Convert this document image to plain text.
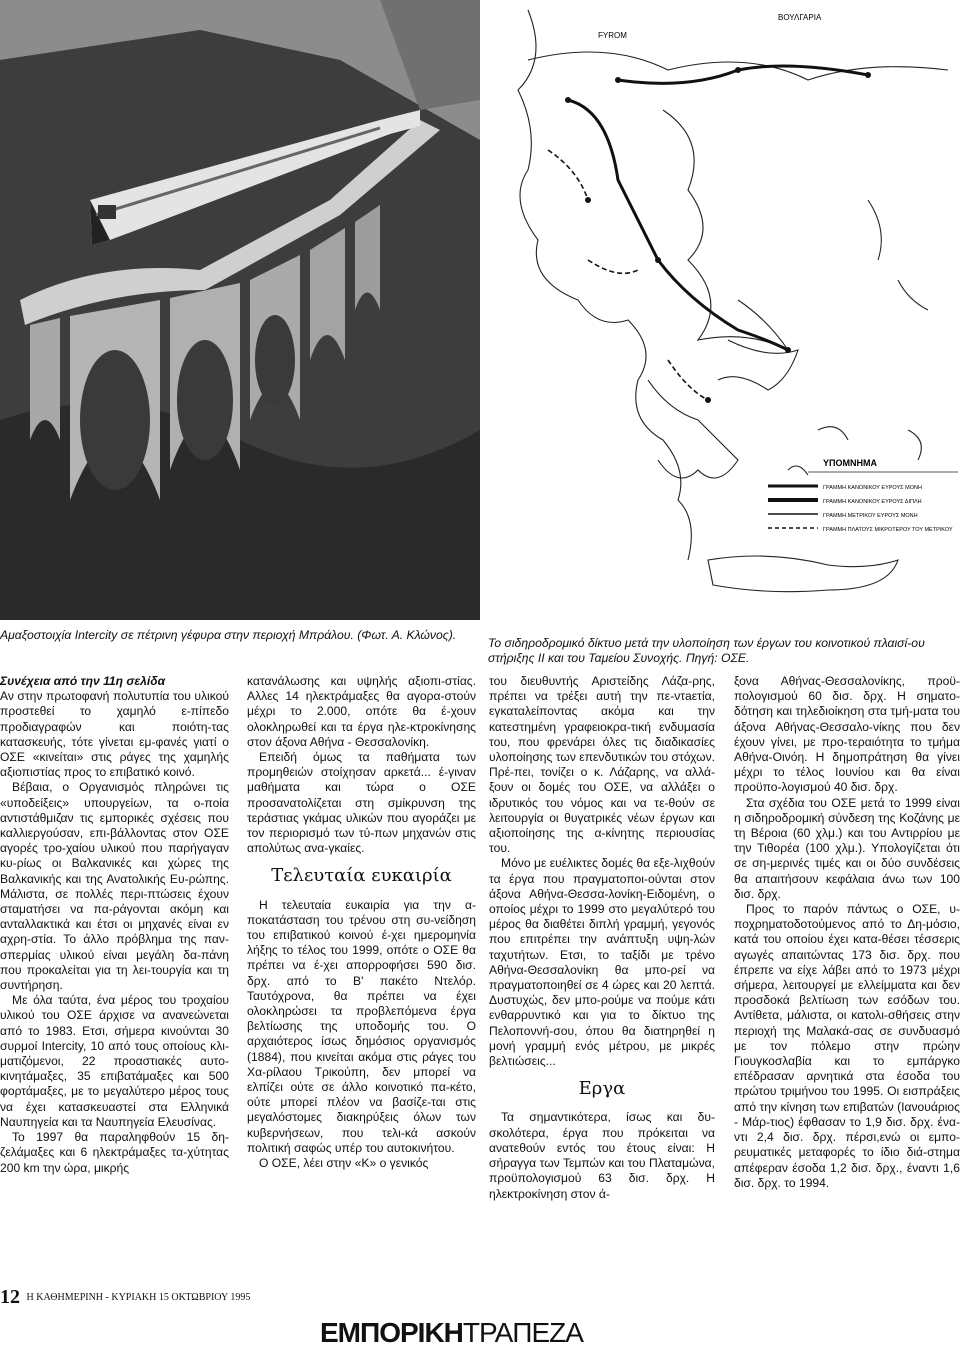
Αμαξοστοιχία Intercity σε πέτρινη γέφυρα στην περιοχή Μπράλου. (Φωτ. Α. Κλώνος).
ΒΟΥΛΓΑΡΙΑ
FYROM
ΥΠΟΜΝΗΜΑ
ΓΡΑΜΜΗ ΚΑΝΟΝΙΚΟΥ ΕΥΡΟΥΣ ΜΟΝΗ
ΓΡΑΜΜΗ ΚΑΝΟΝΙΚΟΥ ΕΥΡΟΥΣ ΔΙΠΛΗ
ΓΡΑΜΜΗ ΜΕΤΡΙΚΟΥ ΕΥΡΟΥΣ ΜΟΝΗ
ΓΡΑΜΜΗ ΠΛΑΤΟΥΣ ΜΙΚΡΟΤΕΡΟΥ ΤΟΥ ΜΕΤΡΙΚΟΥ
Το σιδηροδρομικό δίκτυο μετά την υλοποίηση των έργων του κοινοτικού πλαισί-ου στήριξης ΙΙ και του Ταμείου Συνοχής. Πηγή: ΟΣΕ.

Συνέχεια από την 11η σελίδα

Αν στην πρωτοφανή πολυτυπία του υλικού προστεθεί το χαμηλό ε-πίπεδο προδιαγραφών και ποιότη-τας κατασκευής, τότε γίνεται εμ-φανές γιατί ο ΟΣΕ «κινείται» στις ράγες της χαμηλής αξιοπιστίας προς το επιβατικό κοινό.

Βέβαια, ο Οργανισμός πληρώνει τις «υποδείξεις» υπουργείων, τα ο-ποία αντιστάθμιζαν τις εμπορικές σχέσεις που καλλιεργούσαν, επι-βάλλοντας στον ΟΣΕ αγορές τρο-χαίου υλικού που παρήγαγαν κυ-ρίως οι Βαλκανικές και χώρες της Βαλκανικής και της Ανατολικής Ευ-ρώπης. Μάλιστα, σε πολλές περι-πτώσεις έχουν σταματήσει να πα-ράγονται ακόμη και ανταλλακτικά και έτσι οι μηχανές είναι εν αχρη-στία. Το άλλο πρόβλημα της παν-σπερμίας υλικού είναι μεγάλη δα-πάνη που προκαλείται για τη λει-τουργία και τη συντήρηση.

Με όλα ταύτα, ένα μέρος του τροχαίου υλικού του ΟΣΕ άρχισε να ανανεώνεται από το 1983. Ετσι, σήμερα κινούνται 30 συρμοί Intercity, 10 από τους οποίους κλι-ματιζόμενοι, 22 προαστιακές αυτο-κινητάμαξες, 35 επιβατάμαξες και 500 φορτάμαξες, με το μεγαλύτερο μέρος τους να έχει κατασκευαστεί στα Ελληνικά Ναυπηγεία και τα Ναυπηγεία Ελευσίνας.

Το 1997 θα παραληφθούν 15 δη-ζελάμαξες και 6 ηλεκτράμαξες τα-χύτητας 200 km την ώρα, μικρής

κατανάλωσης και υψηλής αξιοπι-στίας. Αλλες 14 ηλεκτράμαξες θα αγορα-στούν μέχρι το 2.000, οπότε θα έ-χουν ολοκληρωθεί και τα έργα ηλε-κτροκίνησης στον άξονα Αθήνα - Θεσσαλονίκη.

Επειδή όμως τα παθήματα των προμηθειών στοίχησαν αρκετά... έ-γιναν μαθήματα και τώρα ο ΟΣΕ προσανατολίζεται στη σμίκρυνση της τεράστιας γκάμας υλικών που αγοράζει με τον περιορισμό των τύ-πων μηχανών στις απολύτως ανα-γκαίες.

Τελευταία ευκαιρία

Η τελευταία ευκαιρία για την α-ποκατάσταση του τρένου στη συ-νείδηση του επιβατικού κοινού έ-χει ημερομηνία λήξης το τέλος του 1999, οπότε ο ΟΣΕ θα πρέπει να έ-χει απορροφήσει 590 δισ. δρχ. από το Β' πακέτο Ντελόρ. Ταυτόχρονα, θα πρέπει να έχει ολοκληρώσει τα προβλεπόμενα έργα βελτίωσης της υποδομής του. Ο αρχαιότερος ίσως δημόσιος οργανισμός (1884), που κινείται ακόμα στις ράγες του Χα-ρίλαου Τρικούπη, δεν μπορεί να ελπίζει ούτε σε άλλο κοινοτικό πα-κέτο, ούτε μπορεί πλέον να βασίζε-ται στις μεγαλόστομες διακηρύξεις όλων των κυβερνήσεων, που τελι-κά ασκούν πολιτική σαφώς υπέρ του αυτοκινήτου.

Ο ΟΣΕ, λέει στην «Κ» ο γενικός

του διευθυντής Αριστείδης Λάζα-ρης, πρέπει να τρέξει αυτή την πε-ντaετία, εγκαταλείποντας ακόμα και την κατεστημένη γραφειοκρα-τική ενδυμασία του, που φρενάρει όλες τις διαδικασίες υλοποίησης των επενδυτικών του στόχων. Πρέ-πει, τονίζει ο κ. Λάζαρης, να αλλά-ξουν οι δομές του ΟΣΕ, να αλλάξει ο ιδρυτικός του νόμος και να τε-θούν σε λειτουργία οι θυγατρικές νέων έργων και αξιοποίησης της α-κίνητης περιουσίας του.

Μόνο με ευέλικτες δομές θα εξε-λιχθούν τα έργα που πραγματοποι-ούνται στον άξονα Αθήνα-Θεσσα-λονίκη-Ειδομένη, ο οποίος μέχρι το 1999 στο μεγαλύτερό του μέρος θα διαθέτει διπλή γραμμή, γεγονός που επιτρέπει την ανάπτυξη υψη-λών ταχυτήτων. Ετσι, το ταξίδι με τρένο Αθήνα-Θεσσαλονίκη θα μπο-ρεί να πραγματοποιηθεί σε 4 ώρες και 20 λεπτά. Δυστυχώς, δεν μπο-ρούμε να πούμε κάτι ενθαρρυντικό και για το δίκτυο της Πελοποννή-σου, όπου θα διατηρηθεί η μονή γραμμή ενός μέτρου, με μικρές βελτιώσεις...

Εργα

Τα σημαντικότερα, ίσως και δυ-σκολότερα, έργα που πρόκειται να ανατεθούν εντός του έτους είναι: Η σήραγγα των Τεμπών και του Πλαταμώνα, προϋπολογισμού 63 δισ. δρχ. Η ηλεκτροκίνηση στον ά-

ξονα Αθήνας-Θεσσαλονίκης, προϋ-πολογισμού 60 δισ. δρχ. Η σηματο-δότηση και τηλεδιοίκηση στα τμή-ματα του άξονα Αθήνας-Θεσσαλο-νίκης που δεν έχουν γίνει, με προ-τεραιότητα το τμήμα Αθήνα-Οινόη. Η δημοπράτηση θα γίνει μέχρι το τέλος Ιουνίου και θα είναι προϋπο-λογισμού 40 δισ. δρχ.

Στα σχέδια του ΟΣΕ μετά το 1999 είναι η σιδηροδρομική σύνδεση της Κοζάνης με τη Βέροια (60 χλμ.) και του Αντιρρίου με την Τιθορέα (100 χλμ.). Υπολογίζεται ότι σε ση-μερινές τιμές και οι δύο συνδέσεις θα απαιτήσουν κεφάλαια άνω των 100 δισ. δρχ.

Προς το παρόν πάντως ο ΟΣΕ, υ-ποχρηματοδοτούμενος από το Δη-μόσιο, κατά του οποίου έχει κατα-θέσει τέσσερις αγωγές απαιτώντας 173 δισ. δρχ. που έπρεπε να είχε λάβει από το 1973 μέχρι σήμερα, λειτουργεί με ελλείμματα και δεν προσδοκά βελτίωση των εσόδων του. Αντίθετα, μάλιστα, οι κατολι-σθήσεις στην περιοχή της Μαλακά-σας σε συνδυασμό με τον πόλεμο στην πρώην Γιουγκοσλαβία και το εμπάργκο επέδρασαν αρνητικά στα έσοδα του πρώτου τριμήνου του 1995. Οι εισπράξεις από την κίνηση των επιβατών (Ιανουάριος - Μάρ-τιος) έφθασαν το 1,9 δισ. δρχ. ένα-ντι 2,4 δισ. δρχ. πέρσι,ενώ οι εμπο-ρευματικές μεταφορές το ίδιο διά-στημα απέφεραν έσοδα 1,2 δισ. δρχ., έναντι 1,6 δισ. δρχ. το 1994.

12 Η ΚΑΘΗΜΕΡΙΝΗ - ΚΥΡΙΑΚΗ 15 ΟΚΤΩΒΡΙΟΥ 1995
ΕΜΠΟΡΙΚΗΤΡΑΠΕΖΑ
